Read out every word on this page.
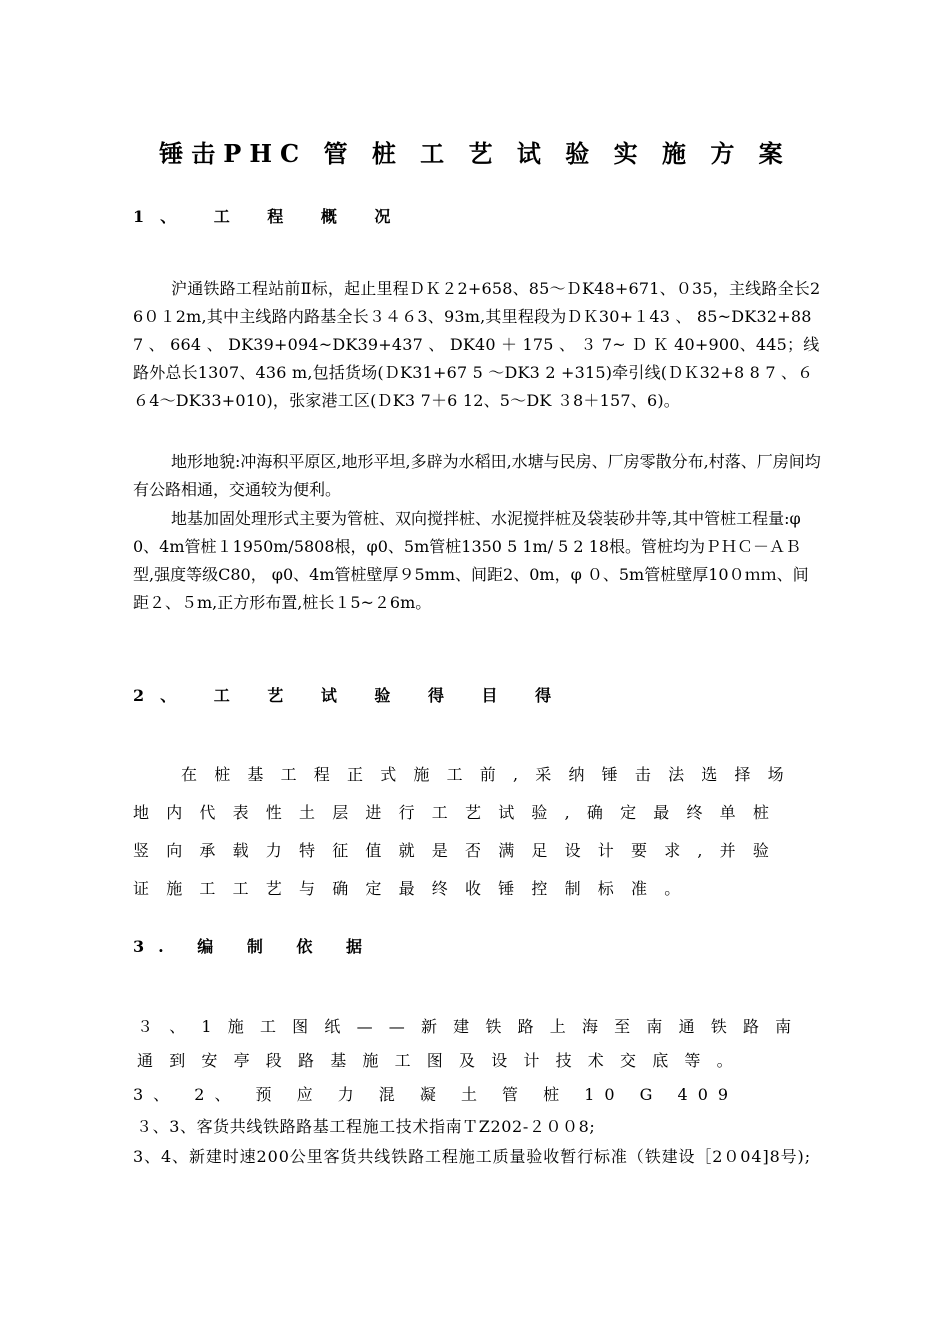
锤击PHC 管 桩 工 艺 试 验 实 施 方 案
1、 工 程 概 况
沪通铁路工程站前Ⅱ标，起止里程ＤＫ２2+658、85～ＤK48+671、０35，主线路全长26０１2m,其中主线路内路基全长３４６3、93m,其里程段为ＤＫ30+１43 、 85~DK32+887 、 664 、 DK39+094~DK39+437 、 DK40 ＋ 175 、 ３ 7~ Ｄ Ｋ 40+900、445；线路外总长1307、436 m,包括货场(ＤK31+67 5 ～DK3 2 +315)牵引线(ＤＫ32+8 8 7 、６６4～DK33+010)，张家港工区(ＤK3 7＋6 12、5～DK ３8＋157、6)。
地形地貌:冲海积平原区,地形平坦,多辟为水稻田,水塘与民房、厂房零散分布,村落、厂房间均有公路相通，交通较为便利。
地基加固处理形式主要为管桩、双向搅拌桩、水泥搅拌桩及袋装砂井等,其中管桩工程量:φ0、4m管桩１1950m/5808根，φ0、5m管桩1350 5 1m/ 5 2 18根。管桩均为ＰＨＣ－ＡＢ型,强度等级C80， φ0、4m管桩壁厚９5mm、间距2、0m，φ ０、5m管桩壁厚10０ｍｍ、间距２、５m,正方形布置,桩长１5~２6m。
2、 工 艺 试 验 得 目 得
在桩基工程正式施工前,采纳锤击法选择场地内代表性土层进行工艺试验,确定最终单桩竖向承载力特征值就是否满足设计要求,并验证施工工艺与确定最终收锤控制标准。
3. 编 制 依 据
３、1施工图纸——新建铁路上海至南通铁路南通到安亭段路基施工图及设计技术交底等。
3、 2、 预 应 力 混 凝 土 管 桩 10 G 409
３、3、客货共线铁路路基工程施工技术指南ＴZ202-２００8;
3、4、新建时速200公里客货共线铁路工程施工质量验收暂行标准（铁建设［2０04]8号);
